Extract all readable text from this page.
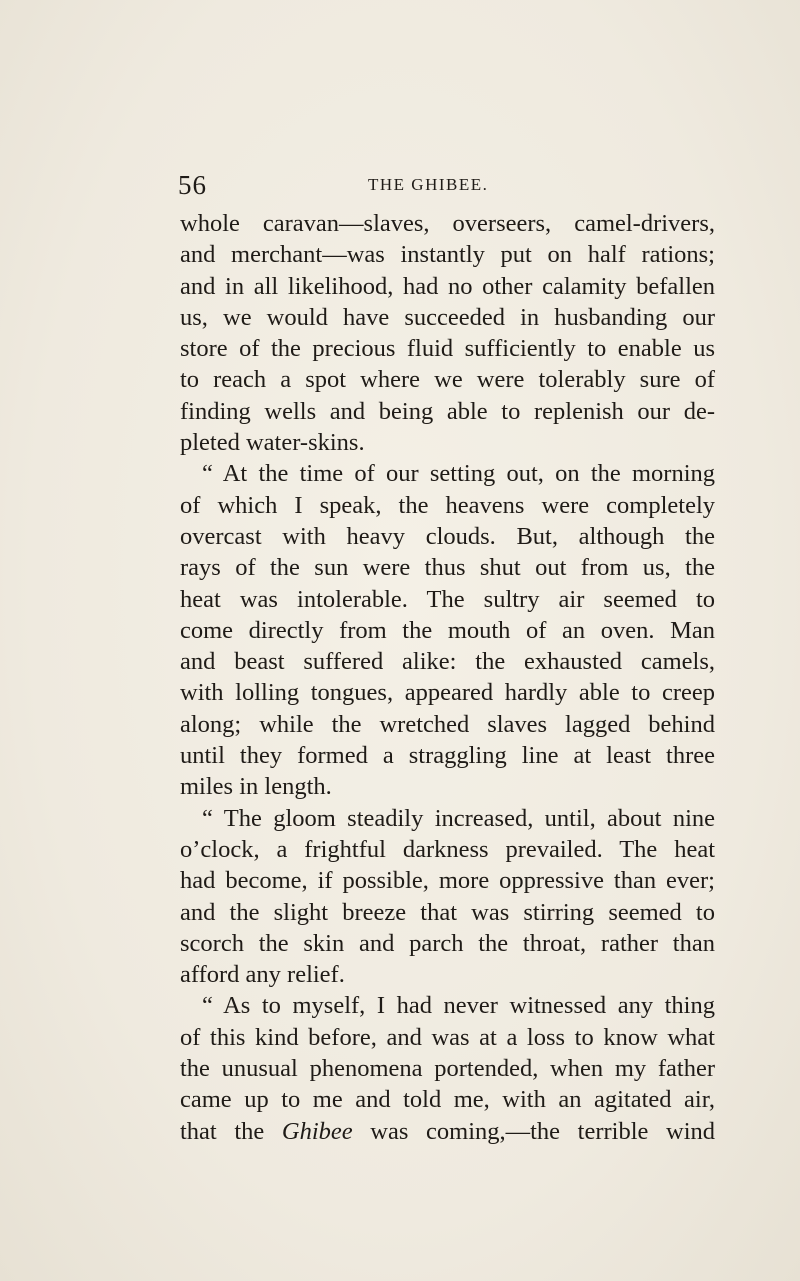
56	THE GHIBEE.
whole caravan—slaves, overseers, camel-drivers,
and merchant—was instantly put on half rations;
and in all likelihood, had no other calamity befallen
us, we would have succeeded in husbanding our
store of the precious fluid sufficiently to enable us
to reach a spot where we were tolerably sure of
finding wells and being able to replenish our de-
pleted water-skins.
“ At the time of our setting out, on the morning
of which I speak, the heavens were completely
overcast with heavy clouds. But, although the
rays of the sun were thus shut out from us, the
heat was intolerable. The sultry air seemed to
come directly from the mouth of an oven. Man
and beast suffered alike: the exhausted camels,
with lolling tongues, appeared hardly able to creep
along; while the wretched slaves lagged behind
until they formed a straggling line at least three
miles in length.
“ The gloom steadily increased, until, about nine
o’clock, a frightful darkness prevailed. The heat
had become, if possible, more oppressive than ever;
and the slight breeze that was stirring seemed to
scorch the skin and parch the throat, rather than
afford any relief.
“ As to myself, I had never witnessed any thing
of this kind before, and was at a loss to know what
the unusual phenomena portended, when my father
came up to me and told me, with an agitated air,
that the Ghibee was coming,—the terrible wind
